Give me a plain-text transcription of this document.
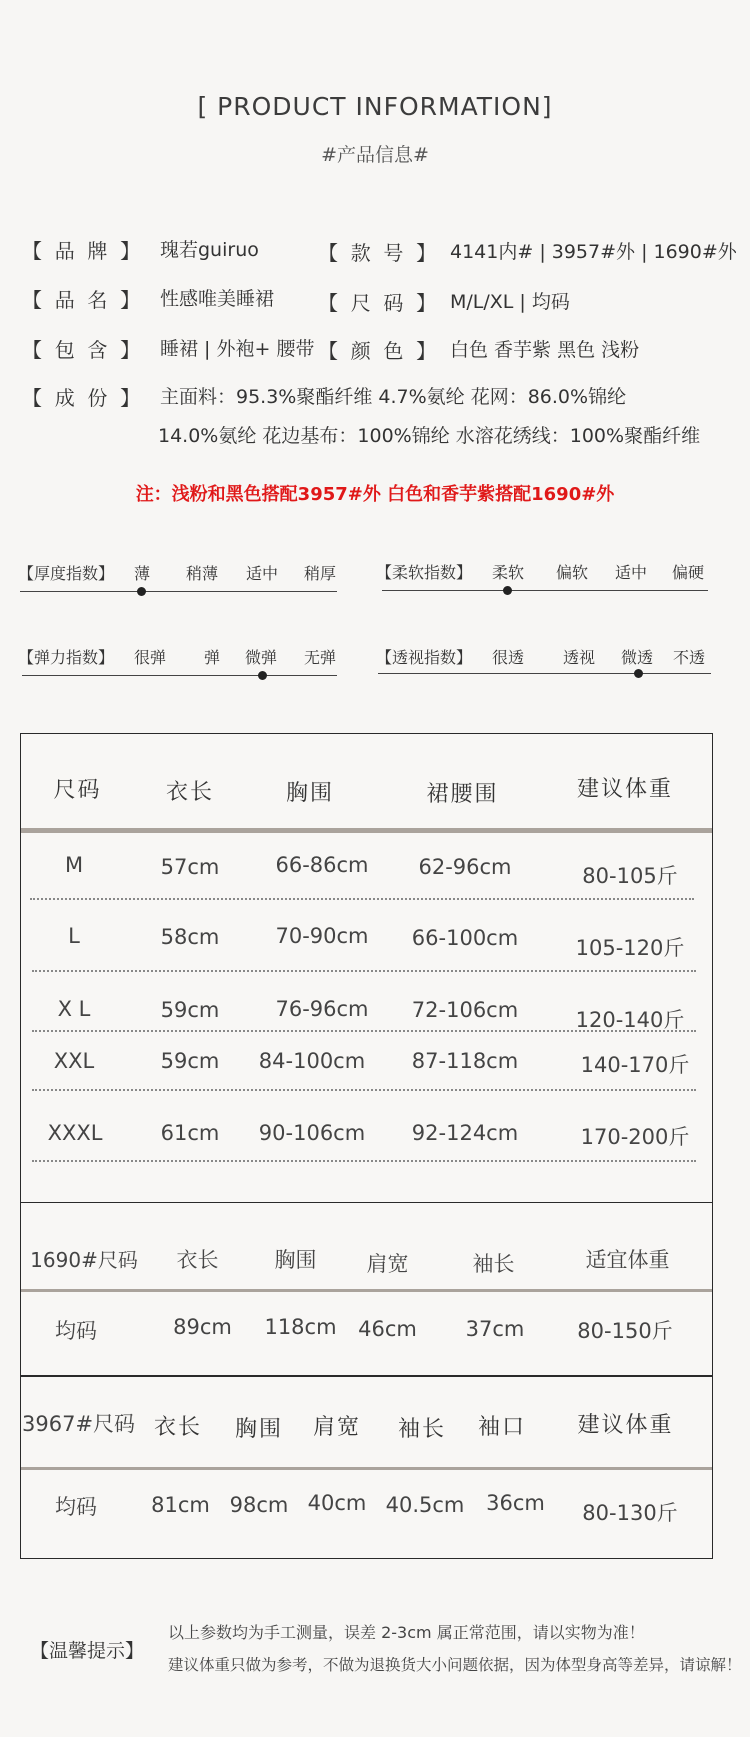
[ PRODUCT INFORMATION]
#产品信息#
【  品  牌  】 瑰若guiruo	【  款  号  】 4141内# | 3957#外 | 1690#外
【  品  名  】 性感唯美睡裙 【  尺  码  】 M/L/XL | 均码
【  包  含  】 睡裙 | 外袍+ 腰带 【  颜  色  】 白色 香芋紫 黑色 浅粉
【  成  份  】 主面料：95.3%聚酯纤维 4.7%氨纶 花网：86.0%锦纶
14.0%氨纶 花边基布：100%锦纶 水溶花绣线：100%聚酯纤维
注：浅粉和黑色搭配3957#外 白色和香芋紫搭配1690#外
【厚度指数】 薄 稍薄 适中 稍厚 【柔软指数】 柔软 偏软 适中 偏硬
【弹力指数】 很弹 弹 微弹 无弹 【透视指数】 很透 透视 微透 不透
尺码	衣长	胸围	裙腰围	建议体重
M	57cm	66-86cm	62-96cm	80-105斤
L	58cm	70-90cm	66-100cm	105-120斤
X L	59cm	76-96cm	72-106cm	120-140斤
XXL	59cm	84-100cm	87-118cm	140-170斤
XXXL	61cm	90-106cm	92-124cm	170-200斤
1690#尺码	衣长	胸围	肩宽	袖长	适宜体重
均码	89cm	118cm	46cm	37cm	80-150斤
3967#尺码 衣长	胸围	肩宽	袖长	袖口	建议体重
均码	81cm 98cm 40cm 40.5cm	36cm	80-130斤
【温馨提示】
以上参数均为手工测量，误差 2-3cm 属正常范围，请以实物为准！
建议体重只做为参考，不做为退换货大小问题依据，因为体型身高等差异，请谅解！
